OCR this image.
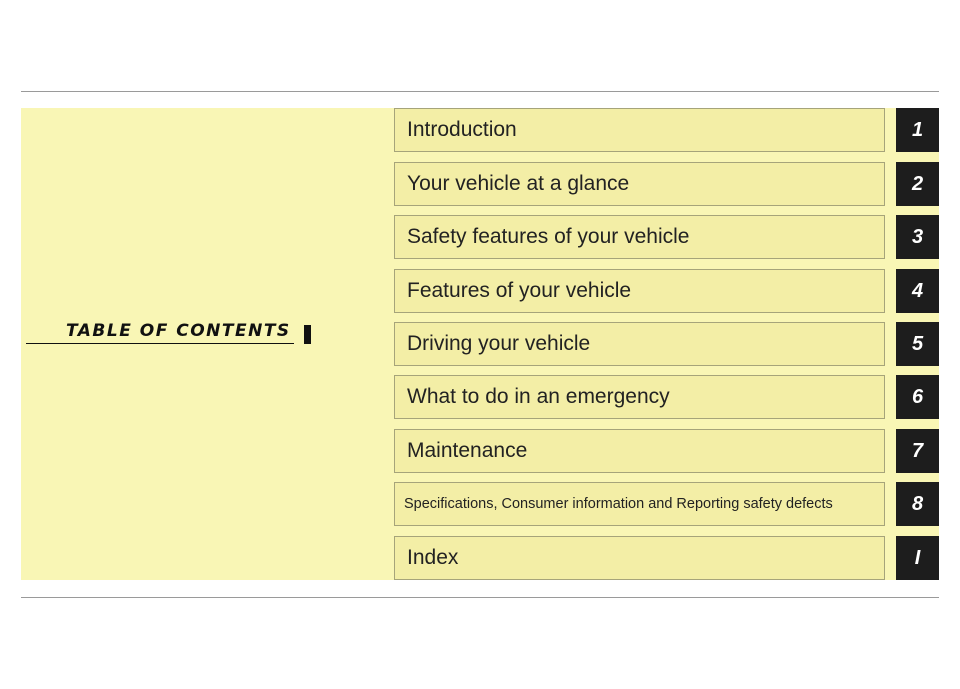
TABLE OF CONTENTS
Introduction	1
Your vehicle at a glance	2
Safety features of your vehicle	3
Features of your vehicle	4
Driving your vehicle	5
What to do in an emergency	6
Maintenance	7
Specifications, Consumer information and Reporting safety defects	8
Index	I
